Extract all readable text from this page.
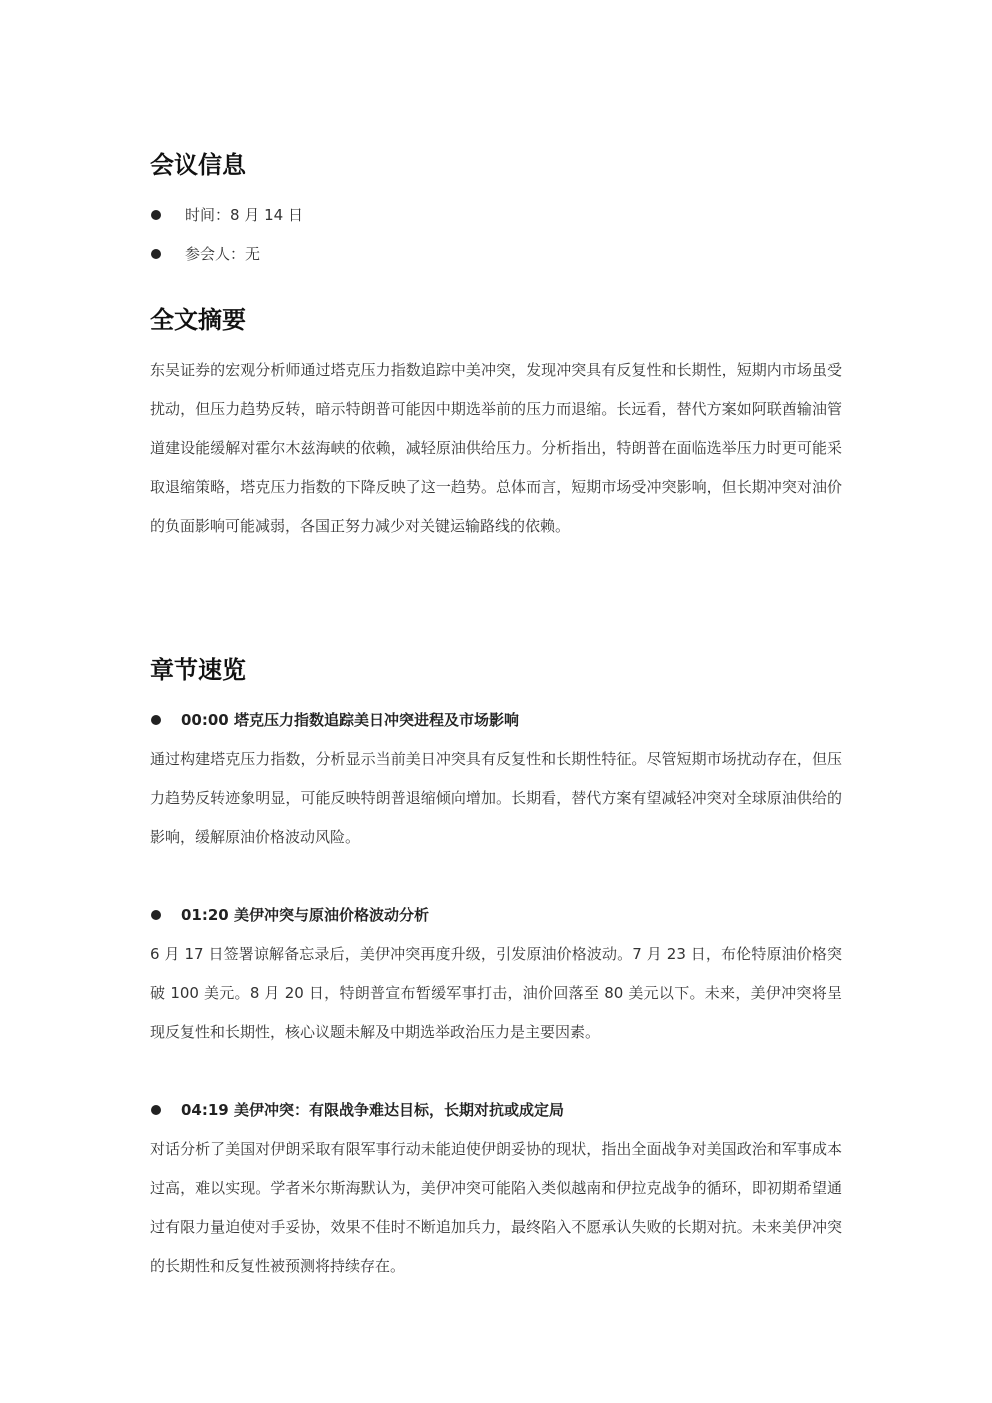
会议信息
时间：8 月 14 日
参会人：无
全文摘要

东吴证券的宏观分析师通过塔克压力指数追踪中美冲突，发现冲突具有反复性和长期性，短期内市场虽受扰动，但压力趋势反转，暗示特朗普可能因中期选举前的压力而退缩。长远看，替代方案如阿联酋输油管道建设能缓解对霍尔木兹海峡的依赖，减轻原油供给压力。分析指出，特朗普在面临选举压力时更可能采取退缩策略，塔克压力指数的下降反映了这一趋势。总体而言，短期市场受冲突影响，但长期冲突对油价的负面影响可能减弱，各国正努力减少对关键运输路线的依赖。

章节速览
00:00 塔克压力指数追踪美日冲突进程及市场影响

通过构建塔克压力指数，分析显示当前美日冲突具有反复性和长期性特征。尽管短期市场扰动存在，但压力趋势反转迹象明显，可能反映特朗普退缩倾向增加。长期看，替代方案有望减轻冲突对全球原油供给的影响，缓解原油价格波动风险。

01:20 美伊冲突与原油价格波动分析

6 月 17 日签署谅解备忘录后，美伊冲突再度升级，引发原油价格波动。7 月 23 日，布伦特原油价格突破 100 美元。8 月 20 日，特朗普宣布暂缓军事打击，油价回落至 80 美元以下。未来，美伊冲突将呈现反复性和长期性，核心议题未解及中期选举政治压力是主要因素。

04:19 美伊冲突：有限战争难达目标，长期对抗或成定局

对话分析了美国对伊朗采取有限军事行动未能迫使伊朗妥协的现状，指出全面战争对美国政治和军事成本过高，难以实现。学者米尔斯海默认为，美伊冲突可能陷入类似越南和伊拉克战争的循环，即初期希望通过有限力量迫使对手妥协，效果不佳时不断追加兵力，最终陷入不愿承认失败的长期对抗。未来美伊冲突的长期性和反复性被预测将持续存在。
